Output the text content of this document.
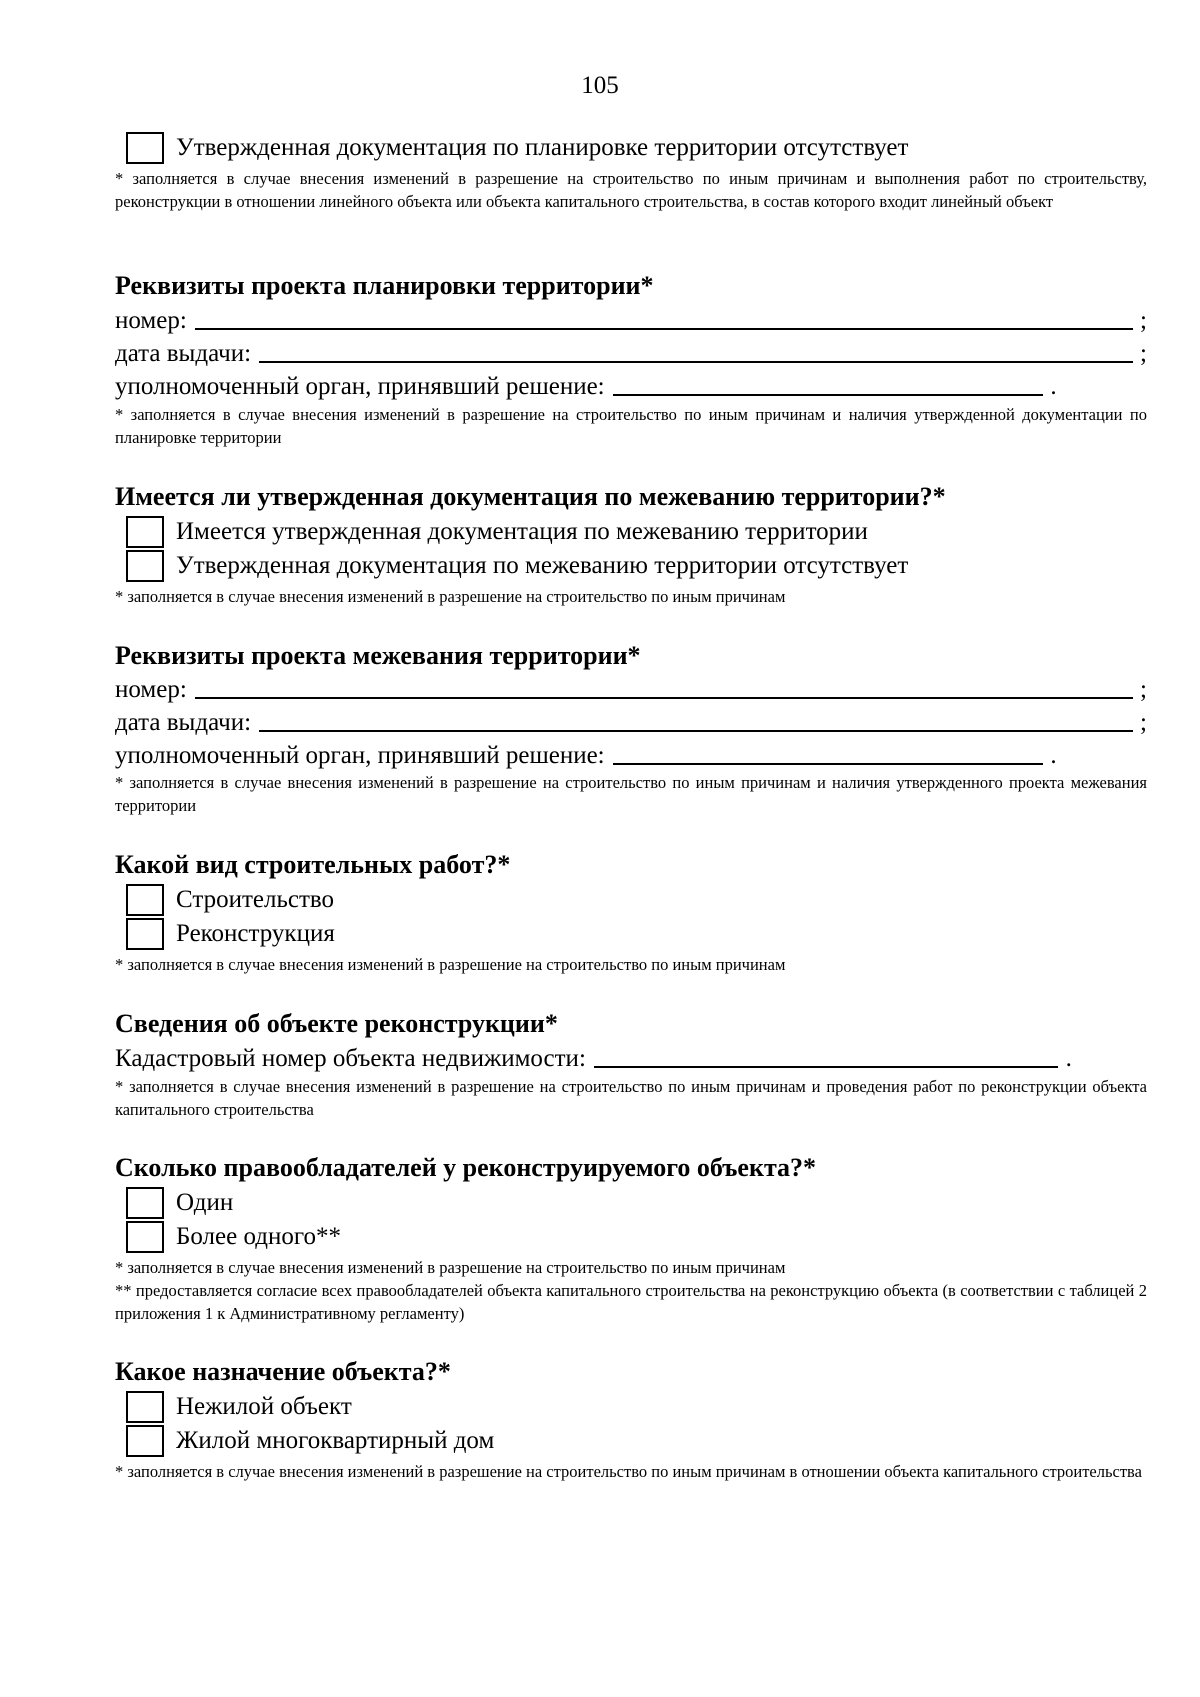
105
Утвержденная документация по планировке территории отсутствует
* заполняется в случае внесения изменений в разрешение на строительство по иным причинам и выполнения работ по строительству, реконструкции в отношении линейного объекта или объекта капитального строительства, в состав которого входит линейный объект
Реквизиты проекта планировки территории*
номер:	;
дата выдачи:	;
уполномоченный орган, принявший решение:	.
* заполняется в случае внесения изменений в разрешение на строительство по иным причинам и наличия утвержденной документации по планировке территории
Имеется ли утвержденная документация по межеванию территории?*
Имеется утвержденная документация по межеванию территории
Утвержденная документация по межеванию территории отсутствует
* заполняется в случае внесения изменений в разрешение на строительство по иным причинам
Реквизиты проекта межевания территории*
номер:	;
дата выдачи:	;
уполномоченный орган, принявший решение:	.
* заполняется в случае внесения изменений в разрешение на строительство по иным причинам и наличия утвержденного проекта межевания территории
Какой вид строительных работ?*
Строительство
Реконструкция
* заполняется в случае внесения изменений в разрешение на строительство по иным причинам
Сведения об объекте реконструкции*
Кадастровый номер объекта недвижимости:	.
* заполняется в случае внесения изменений в разрешение на строительство по иным причинам и проведения работ по реконструкции объекта капитального строительства
Сколько правообладателей у реконструируемого объекта?*
Один
Более одного**
* заполняется в случае внесения изменений в разрешение на строительство по иным причинам
** предоставляется согласие всех правообладателей объекта капитального строительства на реконструкцию объекта (в соответствии с таблицей 2 приложения 1 к Административному регламенту)
Какое назначение объекта?*
Нежилой объект
Жилой многоквартирный дом
* заполняется в случае внесения изменений в разрешение на строительство по иным причинам в отношении объекта капитального строительства
